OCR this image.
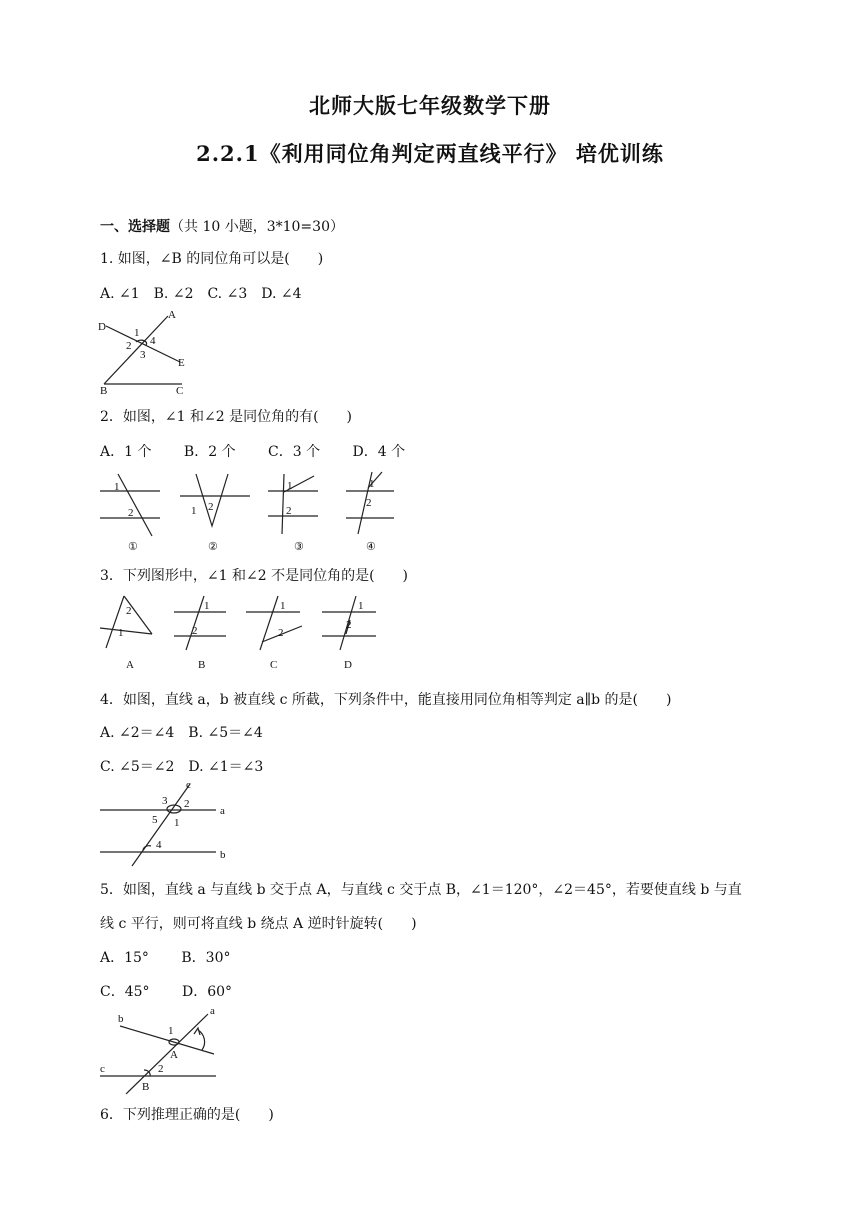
北师大版七年级数学下册
2.2.1《利用同位角判定两直线平行》 培优训练
一、选择题（共 10 小题，3*10=30）
1. 如图，∠B 的同位角可以是(　　)
A. ∠1　B. ∠2　C. ∠3　D. ∠4
D
A
1
2 4
3
E
B	C
2．如图，∠1 和∠2 是同位角的有(　　)
A．1 个　　 B．2 个　　 C．3 个　　 D．4 个
1
2
①
1 2
②
1
2
③
1
2
④
3．下列图形中，∠1 和∠2 不是同位角的是(　　)
2
1
A
1
2
B
1
2
C
1
2
D
4．如图，直线 a，b 被直线 c 所截，下列条件中，能直接用同位角相等判定 a∥b 的是(　　)
A. ∠2＝∠4　B. ∠5＝∠4
C. ∠5＝∠2　D. ∠1＝∠3
c
3 2
a
5 1
4
b
5．如图，直线 a 与直线 b 交于点 A，与直线 c 交于点 B，∠1＝120°，∠2＝45°，若要使直线 b 与直
线 c 平行，则可将直线 b 绕点 A 逆时针旋转(　　)
A．15°　　 B．30°
C．45°　　 D．60°
a
b
1
A
c	2
B
6．下列推理正确的是(　　)
